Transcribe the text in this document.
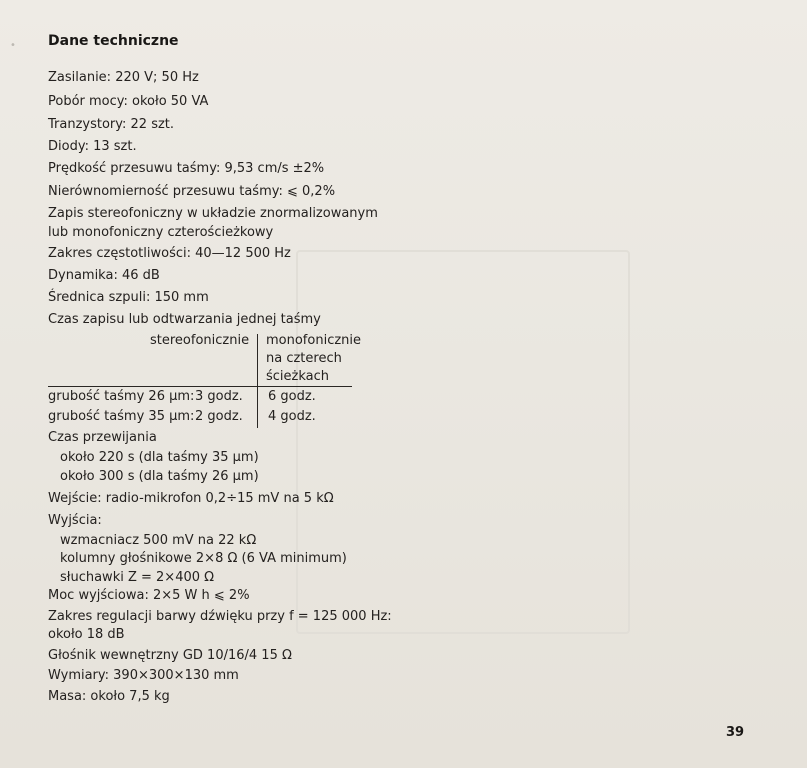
• Dane techniczne
Zasilanie: 220 V; 50 Hz
Pobór mocy: około 50 VA
Tranzystory: 22 szt.
Diody: 13 szt.
Prędkość przesuwu taśmy: 9,53 cm/s ±2%
Nierównomierność przesuwu taśmy: ⩽ 0,2%
Zapis stereofoniczny w układzie znormalizowanym
lub monofoniczny czterościeżkowy
Zakres częstotliwości: 40—12 500 Hz
Dynamika: 46 dB
Średnica szpuli: 150 mm
Czas zapisu lub odtwarzania jednej taśmy
stereofonicznie monofonicznie
na czterech
ścieżkach
grubość taśmy 26 µm: 3 godz. 6 godz.
grubość taśmy 35 µm: 2 godz. 4 godz.
Czas przewijania
około 220 s (dla taśmy 35 µm)
około 300 s (dla taśmy 26 µm)
Wejście: radio-mikrofon 0,2÷15 mV na 5 kΩ
Wyjścia:
wzmacniacz 500 mV na 22 kΩ
kolumny głośnikowe 2×8 Ω (6 VA minimum)
słuchawki Z = 2×400 Ω
Moc wyjściowa: 2×5 W h ⩽ 2%
Zakres regulacji barwy dźwięku przy f = 125 000 Hz:
około 18 dB
Głośnik wewnętrzny GD 10/16/4 15 Ω
Wymiary: 390×300×130 mm
Masa: około 7,5 kg
39
